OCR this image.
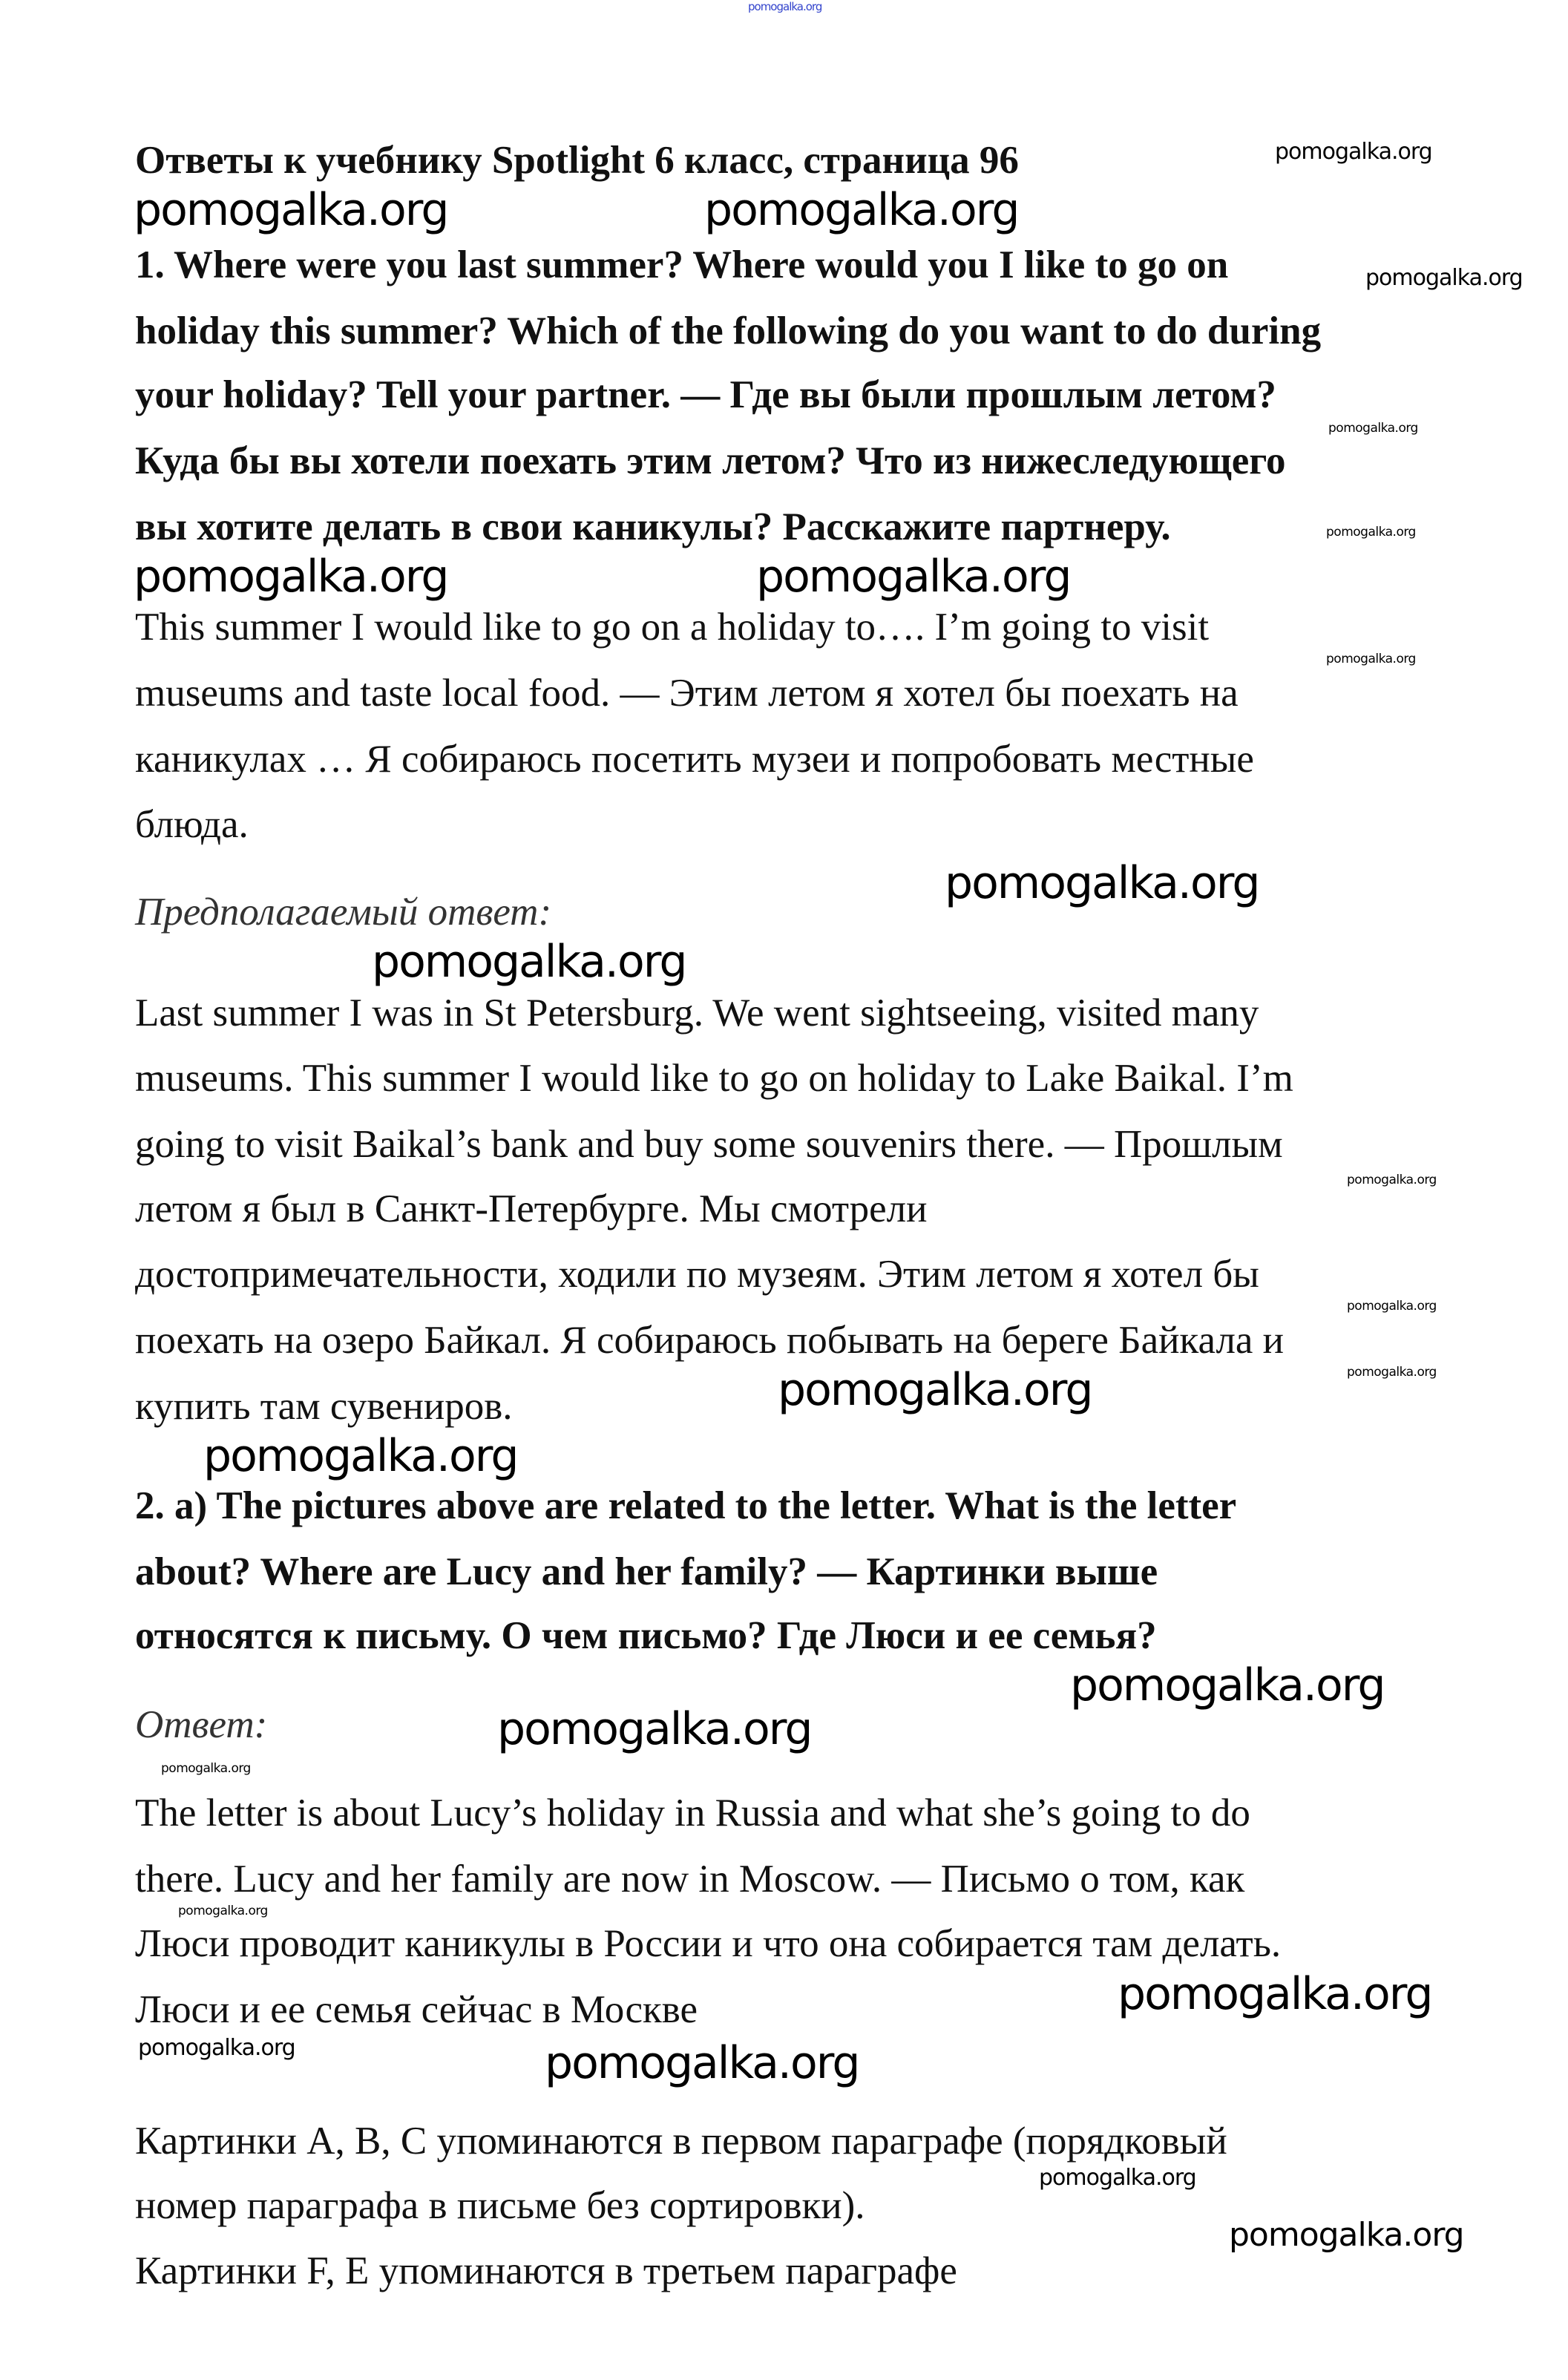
pomogalka.org
pomogalka.org
pomogalka.org	pomogalka.org
pomogalka.org
pomogalka.org
pomogalka.org
pomogalka.org	pomogalka.org
pomogalka.org
pomogalka.org
pomogalka.org
pomogalka.org
pomogalka.org
pomogalka.org	pomogalka.org
pomogalka.org
pomogalka.org
pomogalka.org
pomogalka.org
pomogalka.org
pomogalka.org
pomogalka.org	pomogalka.org
pomogalka.org
pomogalka.org
Ответы к учебнику Spotlight 6 класс, страница 96
1. Where were you last summer? Where would you I like to go on
holiday this summer? Which of the following do you want to do during
your holiday? Tell your partner. — Где вы были прошлым летом?
Куда бы вы хотели поехать этим летом? Что из нижеследующего
вы хотите делать в свои каникулы? Расскажите партнеру.
This summer I would like to go on a holiday to…. I’m going to visit
museums and taste local food. — Этим летом я хотел бы поехать на
каникулах … Я собираюсь посетить музеи и попробовать местные
блюда.
Предполагаемый ответ:
Last summer I was in St Petersburg. We went sightseeing, visited many
museums. This summer I would like to go on holiday to Lake Baikal. I’m
going to visit Baikal’s bank and buy some souvenirs there. — Прошлым
летом я был в Санкт-Петербурге. Мы смотрели
достопримечательности, ходили по музеям. Этим летом я хотел бы
поехать на озеро Байкал. Я собираюсь побывать на береге Байкала и
купить там сувениров.
2. a) The pictures above are related to the letter. What is the letter
about? Where are Lucy and her family? — Картинки выше
относятся к письму. О чем письмо? Где Люси и ее семья?
Ответ:
The letter is about Lucy’s holiday in Russia and what she’s going to do
there. Lucy and her family are now in Moscow. — Письмо о том, как
Люси проводит каникулы в России и что она собирается там делать.
Люси и ее семья сейчас в Москве
Картинки A, B, C упоминаются в первом параграфе (порядковый
номер параграфа в письме без сортировки).
Картинки F, E упоминаются в третьем параграфе
